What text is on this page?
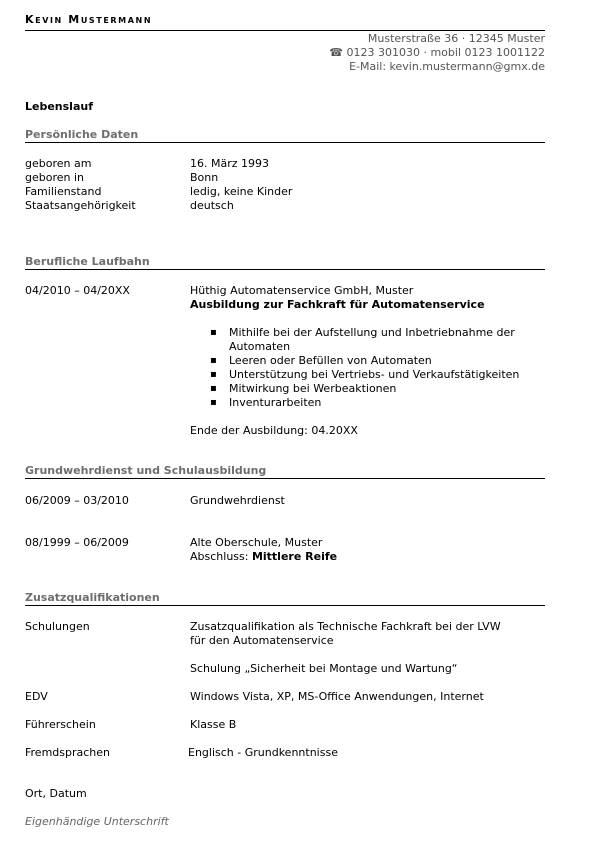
Kevin Mustermann
Musterstraße 36 · 12345 Muster
☎ 0123 301030 · mobil 0123 1001122
E-Mail: kevin.mustermann@gmx.de
Lebenslauf
Persönliche Daten
geboren am	16. März 1993
geboren in	Bonn
Familienstand	ledig, keine Kinder
Staatsangehörigkeit	deutsch
Berufliche Laufbahn
04/2010 – 04/20XX	Hüthig Automatenservice GmbH, Muster
Ausbildung zur Fachkraft für Automatenservice
▪ Mithilfe bei der Aufstellung und Inbetriebnahme der Automaten
▪ Leeren oder Befüllen von Automaten
▪ Unterstützung bei Vertriebs- und Verkaufstätigkeiten
▪ Mitwirkung bei Werbeaktionen
▪ Inventurarbeiten
Ende der Ausbildung: 04.20XX
Grundwehrdienst und Schulausbildung
06/2009 – 03/2010	Grundwehrdienst
08/1999 – 06/2009	Alte Oberschule, Muster
Abschluss: Mittlere Reife
Zusatzqualifikationen
Schulungen	Zusatzqualifikation als Technische Fachkraft bei der LVW
für den Automatenservice
Schulung „Sicherheit bei Montage und Wartung“
EDV	Windows Vista, XP, MS-Office Anwendungen, Internet
Führerschein	Klasse B
Fremdsprachen	Englisch - Grundkenntnisse
Ort, Datum
Eigenhändige Unterschrift
